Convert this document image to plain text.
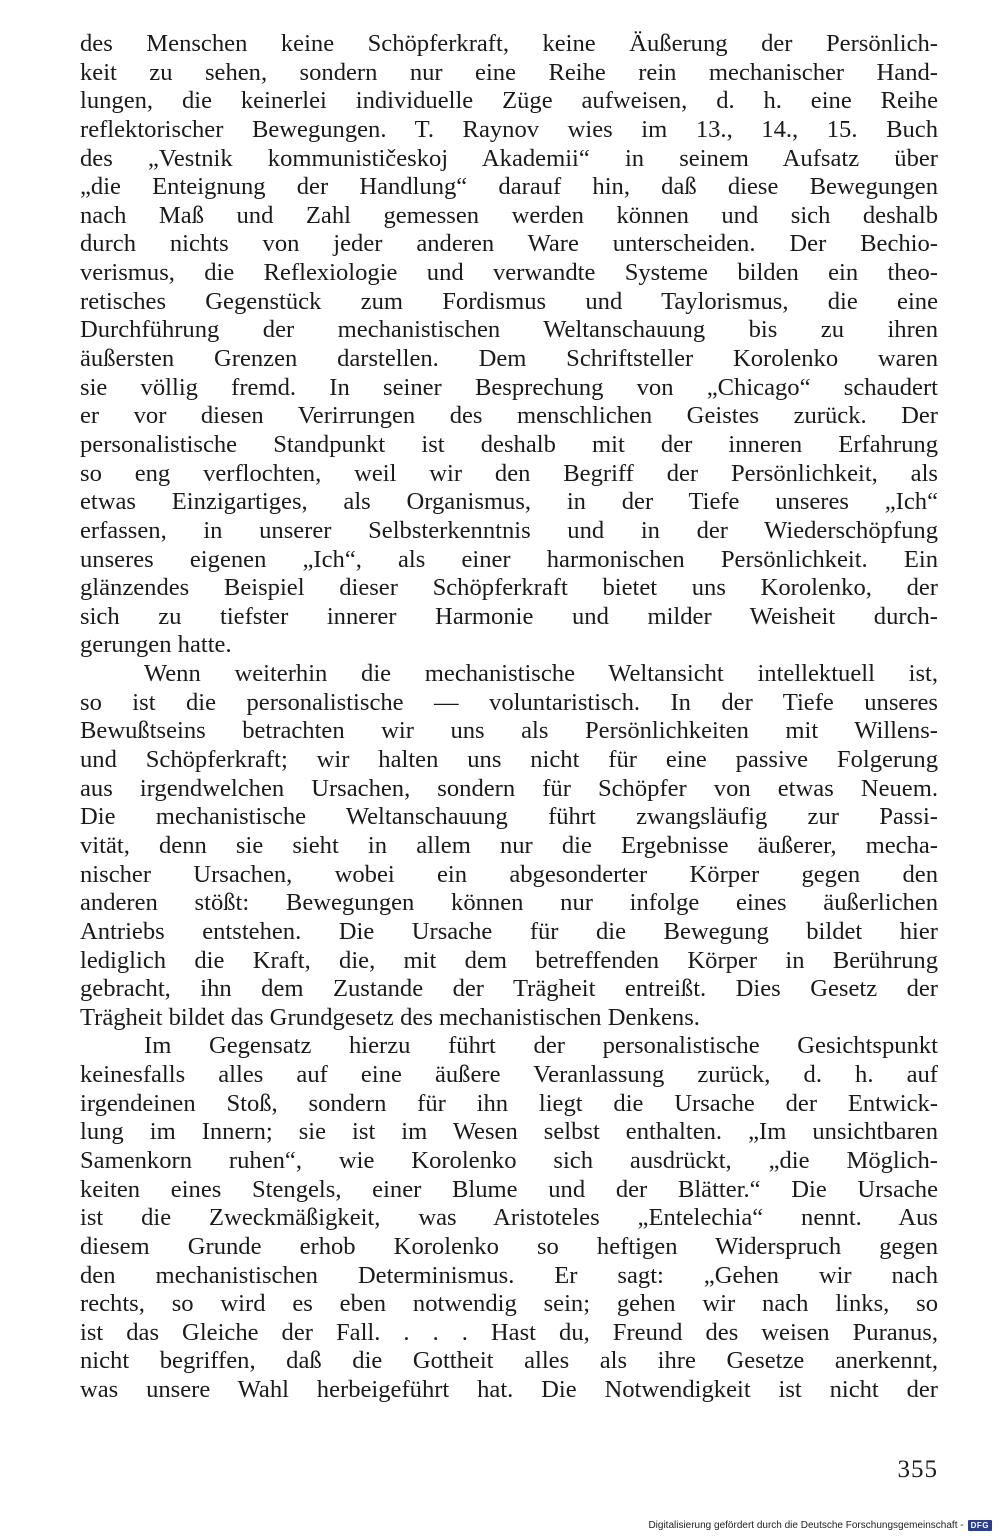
des Menschen keine Schöpferkraft, keine Äußerung der Persönlich-
keit zu sehen, sondern nur eine Reihe rein mechanischer Hand-
lungen, die keinerlei individuelle Züge aufweisen, d. h. eine Reihe
reflektorischer Bewegungen. T. Raynov wies im 13., 14., 15. Buch
des „Vestnik kommunističeskoj Akademii“ in seinem Aufsatz über
„die Enteignung der Handlung“ darauf hin, daß diese Bewegungen
nach Maß und Zahl gemessen werden können und sich deshalb
durch nichts von jeder anderen Ware unterscheiden. Der Bechio-
verismus, die Reflexiologie und verwandte Systeme bilden ein theo-
retisches Gegenstück zum Fordismus und Taylorismus, die eine
Durchführung der mechanistischen Weltanschauung bis zu ihren
äußersten Grenzen darstellen. Dem Schriftsteller Korolenko waren
sie völlig fremd. In seiner Besprechung von „Chicago“ schaudert
er vor diesen Verirrungen des menschlichen Geistes zurück. Der
personalistische Standpunkt ist deshalb mit der inneren Erfahrung
so eng verflochten, weil wir den Begriff der Persönlichkeit, als
etwas Einzigartiges, als Organismus, in der Tiefe unseres „Ich“
erfassen, in unserer Selbsterkenntnis und in der Wiederschöpfung
unseres eigenen „Ich“, als einer harmonischen Persönlichkeit. Ein
glänzendes Beispiel dieser Schöpferkraft bietet uns Korolenko, der
sich zu tiefster innerer Harmonie und milder Weisheit durch-
gerungen hatte.

Wenn weiterhin die mechanistische Weltansicht intellektuell ist,
so ist die personalistische — voluntaristisch. In der Tiefe unseres
Bewußtseins betrachten wir uns als Persönlichkeiten mit Willens-
und Schöpferkraft; wir halten uns nicht für eine passive Folgerung
aus irgendwelchen Ursachen, sondern für Schöpfer von etwas Neuem.
Die mechanistische Weltanschauung führt zwangsläufig zur Passi-
vität, denn sie sieht in allem nur die Ergebnisse äußerer, mecha-
nischer Ursachen, wobei ein abgesonderter Körper gegen den
anderen stößt: Bewegungen können nur infolge eines äußerlichen
Antriebs entstehen. Die Ursache für die Bewegung bildet hier
lediglich die Kraft, die, mit dem betreffenden Körper in Berührung
gebracht, ihn dem Zustande der Trägheit entreißt. Dies Gesetz der
Trägheit bildet das Grundgesetz des mechanistischen Denkens.

Im Gegensatz hierzu führt der personalistische Gesichtspunkt
keinesfalls alles auf eine äußere Veranlassung zurück, d. h. auf
irgendeinen Stoß, sondern für ihn liegt die Ursache der Entwick-
lung im Innern; sie ist im Wesen selbst enthalten. „Im unsichtbaren
Samenkorn ruhen“, wie Korolenko sich ausdrückt, „die Möglich-
keiten eines Stengels, einer Blume und der Blätter.“ Die Ursache
ist die Zweckmäßigkeit, was Aristoteles „Entelechia“ nennt. Aus
diesem Grunde erhob Korolenko so heftigen Widerspruch gegen
den mechanistischen Determinismus. Er sagt: „Gehen wir nach
rechts, so wird es eben notwendig sein; gehen wir nach links, so
ist das Gleiche der Fall. . . . Hast du, Freund des weisen Puranus,
nicht begriffen, daß die Gottheit alles als ihre Gesetze anerkennt,
was unsere Wahl herbeigeführt hat. Die Notwendigkeit ist nicht der

355
Digitalisierung gefördert durch die Deutsche Forschungsgemeinschaft - DFG
